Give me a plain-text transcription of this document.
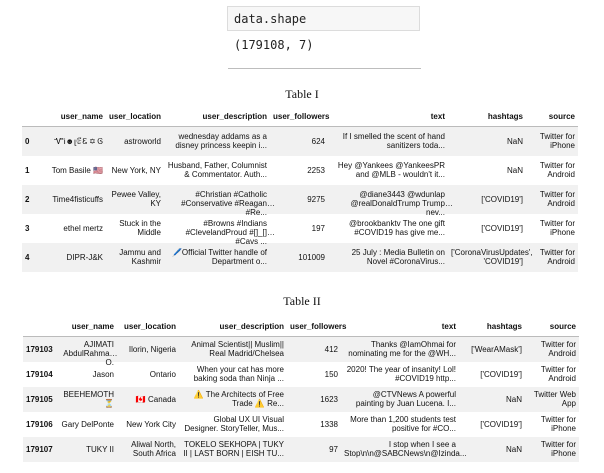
data.shape
(179108, 7)
Table I
	user_name	user_location	user_description	user_followers	text	hashtags	source
0	ᏉᎥ☻լꂅᏋ ✡ Ꮆ	astroworld	wednesday addams as a disney princess keepin i...	624	If I smelled the scent of hand sanitizers toda...	NaN	Twitter for iPhone

1	Tom Basile 🇺🇸	New York, NY	Husband, Father, Columnist & Commentator. Auth...	2253	Hey @Yankees @YankeesPR and @MLB - wouldn't it...	NaN	Twitter for Android

2	Time4fisticuffs	Pewee Valley, KY	#Christian #Catholic #Conservative #Reagan #Re...	9275	@diane3443 @wdunlap @realDonaldTrump Trump nev...	['COVID19']	Twitter for Android

3	ethel mertz	Stuck in the Middle	#Browns #Indians #ClevelandProud #[]_[] #Cavs ...	197	@brookbanktv The one gift #COVID19 has give me...	['COVID19']	Twitter for iPhone

4	DIPR-J&K	Jammu and Kashmir	🖊️Official Twitter handle of Department o...	101009	25 July : Media Bulletin on Novel #CoronaVirus...	['CoronaVirusUpdates', 'COVID19']	Twitter for Android
Table II
	user_name	user_location	user_description	user_followers	text	hashtags	source
179103	AJIMATI AbdulRahman O.	Ilorin, Nigeria	Animal Scientist|| Muslim|| Real Madrid/Chelsea	412	Thanks @IamOhmai for nominating me for the @WH...	['WearAMask']	Twitter for Android

179104	Jason	Ontario	When your cat has more baking soda than Ninja ...	150	2020! The year of insanity! Lol! #COVID19 http...	['COVID19']	Twitter for Android

179105	BEEHEMOTH ⏳	🇨🇦 Canada	⚠️ The Architects of Free Trade ⚠️ Re...	1623	@CTVNews A powerful painting by Juan Lucena. I...	NaN	Twitter Web App

179106	Gary DelPonte	New York City	Global UX UI Visual Designer. StoryTeller, Mus...	1338	More than 1,200 students test positive for #CO...	['COVID19']	Twitter for iPhone

179107	TUKY II	Aliwal North, South Africa	TOKELO SEKHOPA | TUKY II | LAST BORN | EISH TU...	97	I stop when I see a Stop\n\n@SABCNews\n@Izinda...	NaN	Twitter for iPhone
